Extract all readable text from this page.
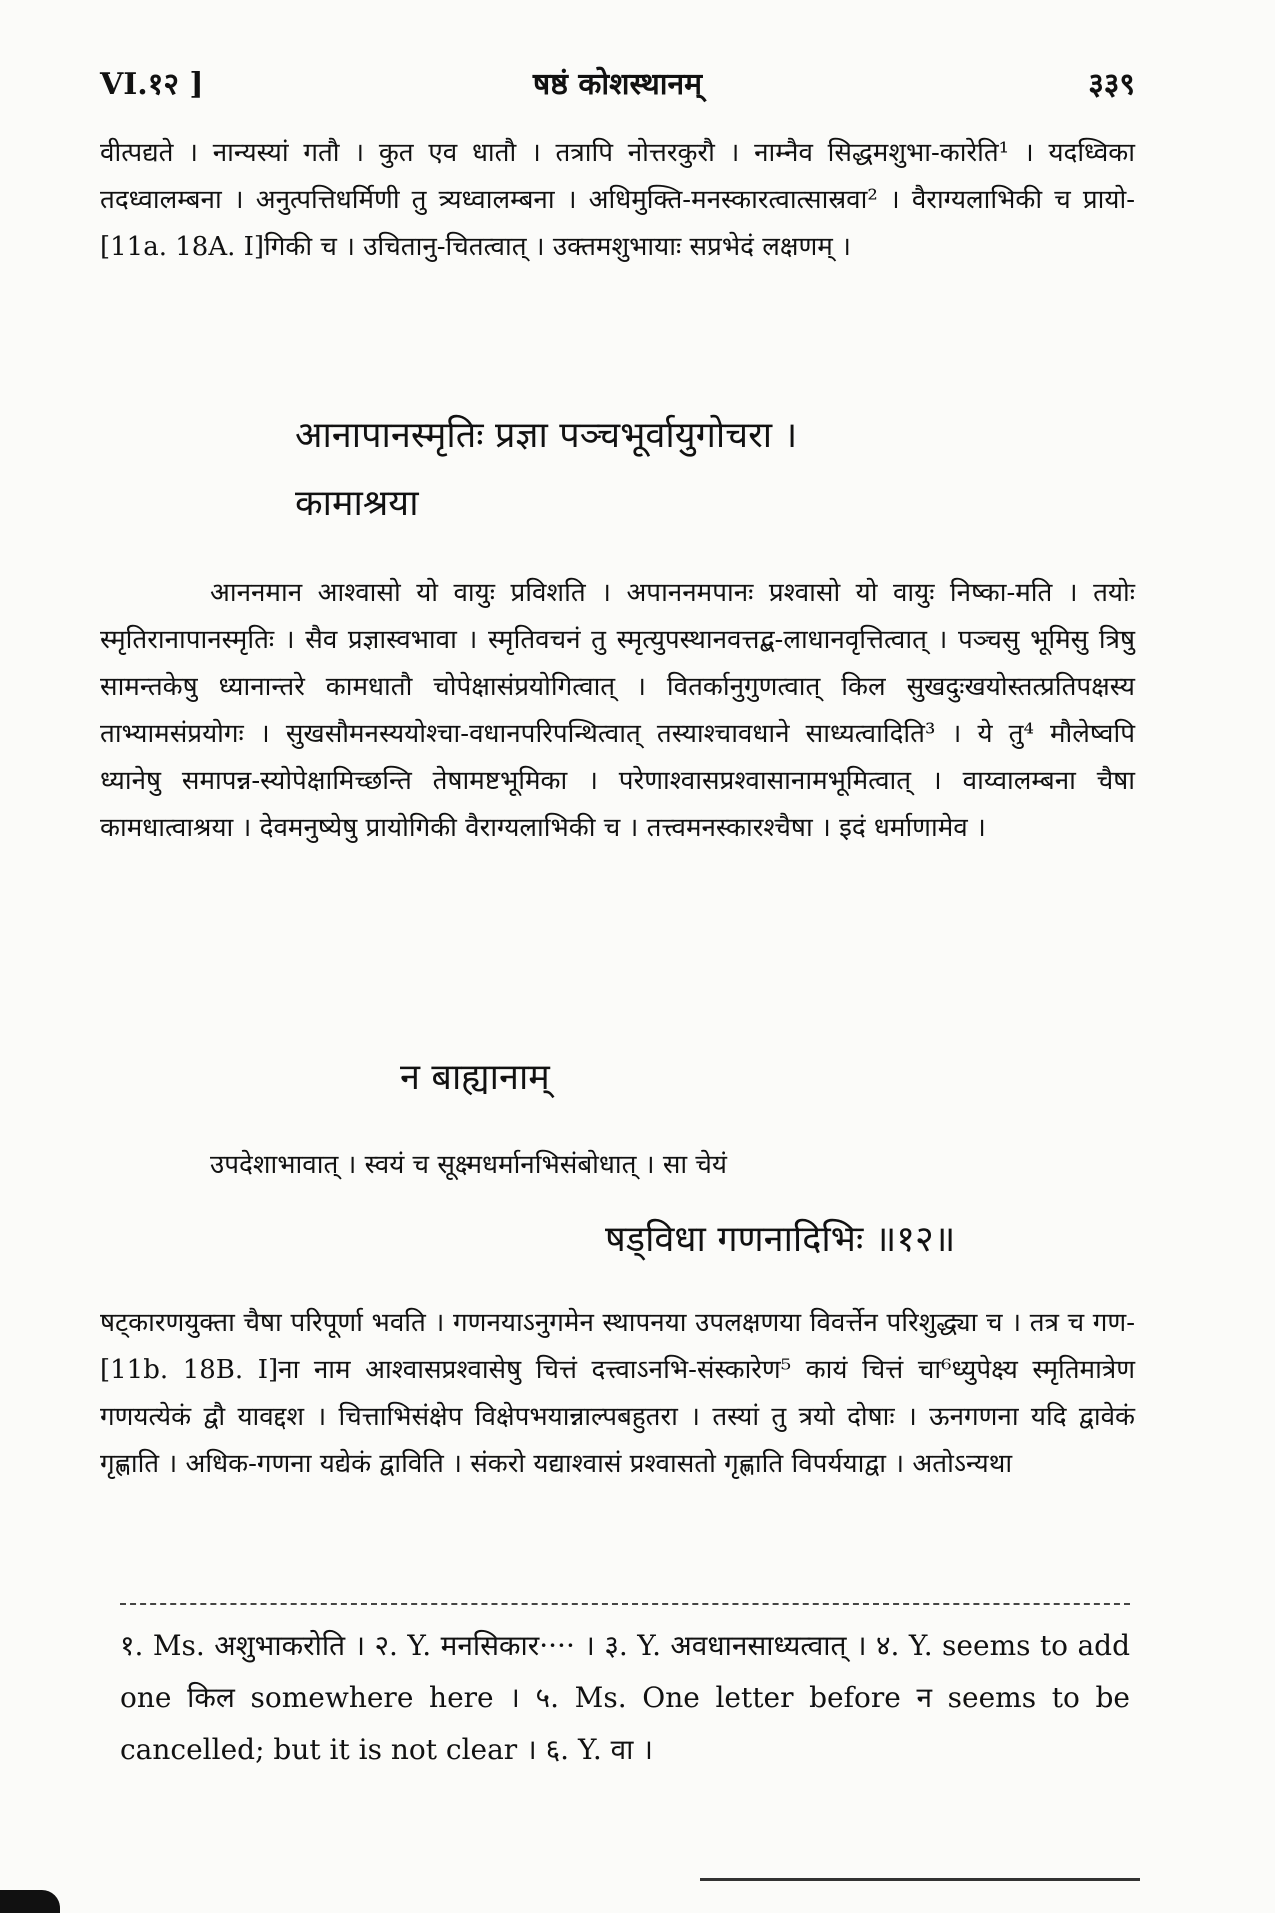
VI.१२ ]	षष्ठं कोशस्थानम्	३३९

वीत्पद्यते । नान्यस्यां गतौ । कुत एव धातौ । तत्रापि नोत्तरकुरौ । नाम्नैव सिद्धमशुभा-कारेति¹ । यदध्विका तदध्वालम्बना । अनुत्पत्तिधर्मिणी तु त्र्यध्वालम्बना । अधिमुक्ति-मनस्कारत्वात्सास्रवा² । वैराग्यलाभिकी च प्रायो-[11a. 18A. I]गिकी च । उचितानु-चितत्वात् । उक्तमशुभायाः सप्रभेदं लक्षणम् ।

आनापानस्मृतिः प्रज्ञा पञ्चभूर्वायुगोचरा ।
कामाश्रया

आननमान आश्वासो यो वायुः प्रविशति । अपाननमपानः प्रश्वासो यो वायुः निष्का-मति । तयोः स्मृतिरानापानस्मृतिः । सैव प्रज्ञास्वभावा । स्मृतिवचनं तु स्मृत्युपस्थानवत्तद्ब-लाधानवृत्तित्वात् । पञ्चसु भूमिसु त्रिषु सामन्तकेषु ध्यानान्तरे कामधातौ चोपेक्षासंप्रयोगित्वात् । वितर्कानुगुणत्वात् किल सुखदुःखयोस्तत्प्रतिपक्षस्य ताभ्यामसंप्रयोगः । सुखसौमनस्ययोश्चा-वधानपरिपन्थित्वात् तस्याश्चावधाने साध्यत्वादिति³ । ये तु⁴ मौलेष्वपि ध्यानेषु समापन्न-स्योपेक्षामिच्छन्ति तेषामष्टभूमिका । परेणाश्वासप्रश्वासानामभूमित्वात् । वाय्वालम्बना चैषा कामधात्वाश्रया । देवमनुष्येषु प्रायोगिकी वैराग्यलाभिकी च । तत्त्वमनस्कारश्चैषा । इदं धर्माणामेव ।

न बाह्यानाम्

उपदेशाभावात् । स्वयं च सूक्ष्मधर्मानभिसंबोधात् । सा चेयं

षड्विधा गणनादिभिः ॥१२॥

षट्कारणयुक्ता चैषा परिपूर्णा भवति । गणनयाऽनुगमेन स्थापनया उपलक्षणया विवर्त्तेन परिशुद्ध्या च । तत्र च गण-[11b. 18B. I]ना नाम आश्वासप्रश्वासेषु चित्तं दत्त्वाऽनभि-संस्कारेण⁵ कायं चित्तं चा⁶ध्युपेक्ष्य स्मृतिमात्रेण गणयत्येकं द्वौ यावद्दश । चित्ताभिसंक्षेप विक्षेपभयान्नाल्पबहुतरा । तस्यां तु त्रयो दोषाः । ऊनगणना यदि द्वावेकं गृह्णाति । अधिक-गणना यद्येकं द्वाविति । संकरो यद्याश्वासं प्रश्वासतो गृह्णाति विपर्ययाद्वा । अतोऽन्यथा

१. Ms. अशुभाकरोति । २. Y. मनसिकार···· । ३. Y. अवधानसाध्यत्वात् । ४. Y. seems to add one किल somewhere here । ५. Ms. One letter before न seems to be cancelled; but it is not clear । ६. Y. वा ।
